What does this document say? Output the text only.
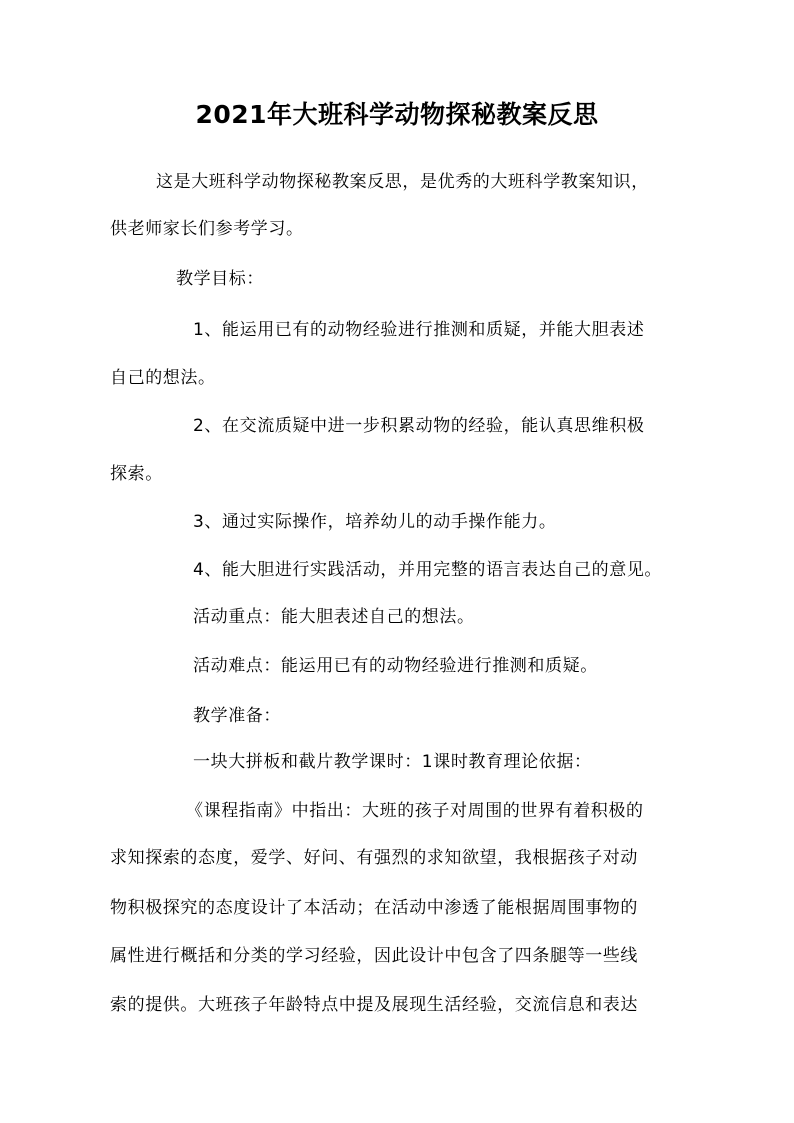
2021年大班科学动物探秘教案反思
这是大班科学动物探秘教案反思，是优秀的大班科学教案知识，
供老师家长们参考学习。
教学目标：
1、能运用已有的动物经验进行推测和质疑，并能大胆表述
自己的想法。
2、在交流质疑中进一步积累动物的经验，能认真思维积极
探索。
3、通过实际操作，培养幼儿的动手操作能力。
4、能大胆进行实践活动，并用完整的语言表达自己的意见。
活动重点：能大胆表述自己的想法。
活动难点：能运用已有的动物经验进行推测和质疑。
教学准备：
一块大拼板和截片教学课时：1课时教育理论依据：
《课程指南》中指出：大班的孩子对周围的世界有着积极的
求知探索的态度，爱学、好问、有强烈的求知欲望，我根据孩子对动
物积极探究的态度设计了本活动；在活动中渗透了能根据周围事物的
属性进行概括和分类的学习经验，因此设计中包含了四条腿等一些线
索的提供。大班孩子年龄特点中提及展现生活经验，交流信息和表达
